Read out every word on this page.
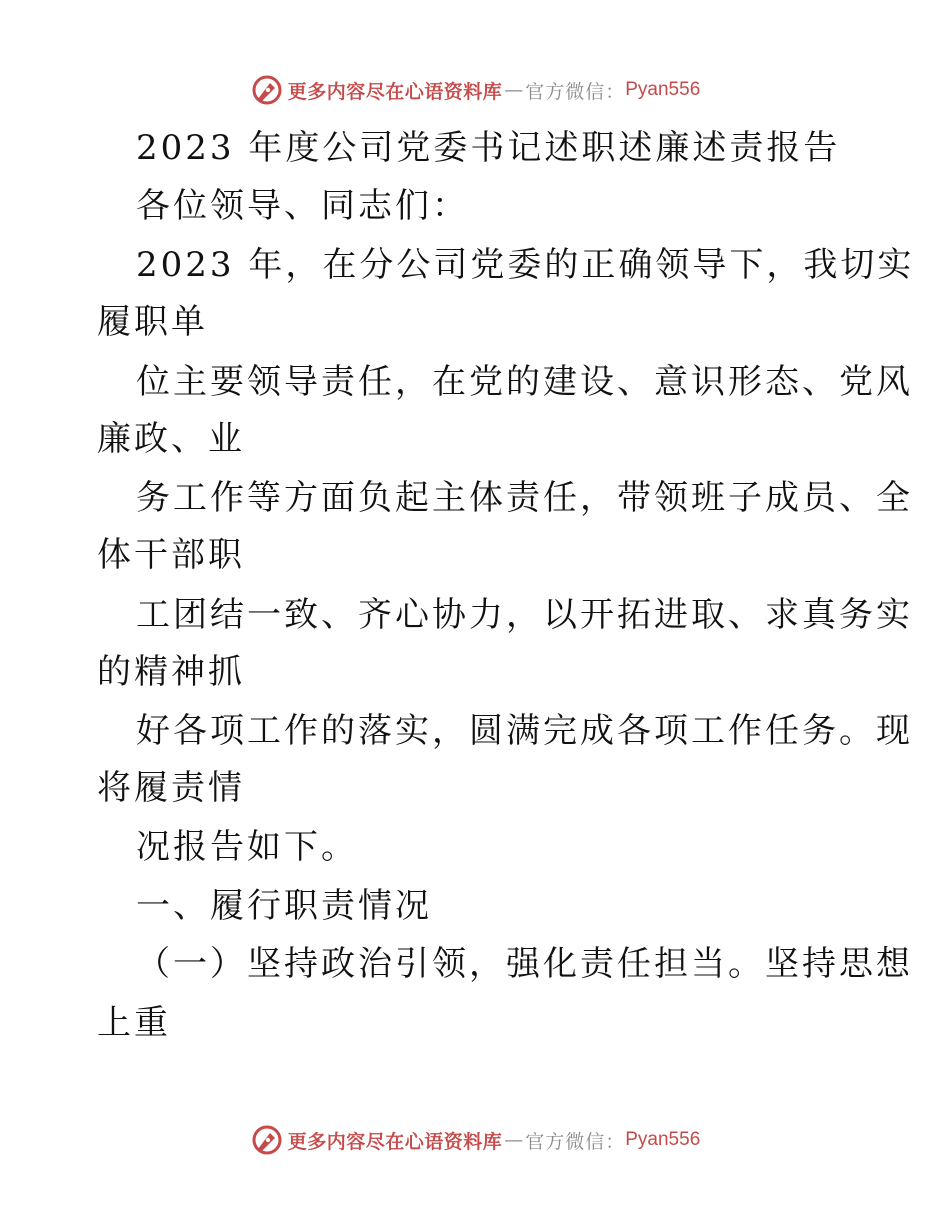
更多内容尽在心语资料库 — 官方微信： Pyan556
2023 年度公司党委书记述职述廉述责报告
各位领导、同志们：
2023 年，在分公司党委的正确领导下，我切实
履职单
位主要领导责任，在党的建设、意识形态、党风
廉政、业
务工作等方面负起主体责任，带领班子成员、全
体干部职
工团结一致、齐心协力，以开拓进取、求真务实
的精神抓
好各项工作的落实，圆满完成各项工作任务。现
将履责情
况报告如下。
一、履行职责情况
（一）坚持政治引领，强化责任担当。坚持思想
上重
更多内容尽在心语资料库 — 官方微信： Pyan556
